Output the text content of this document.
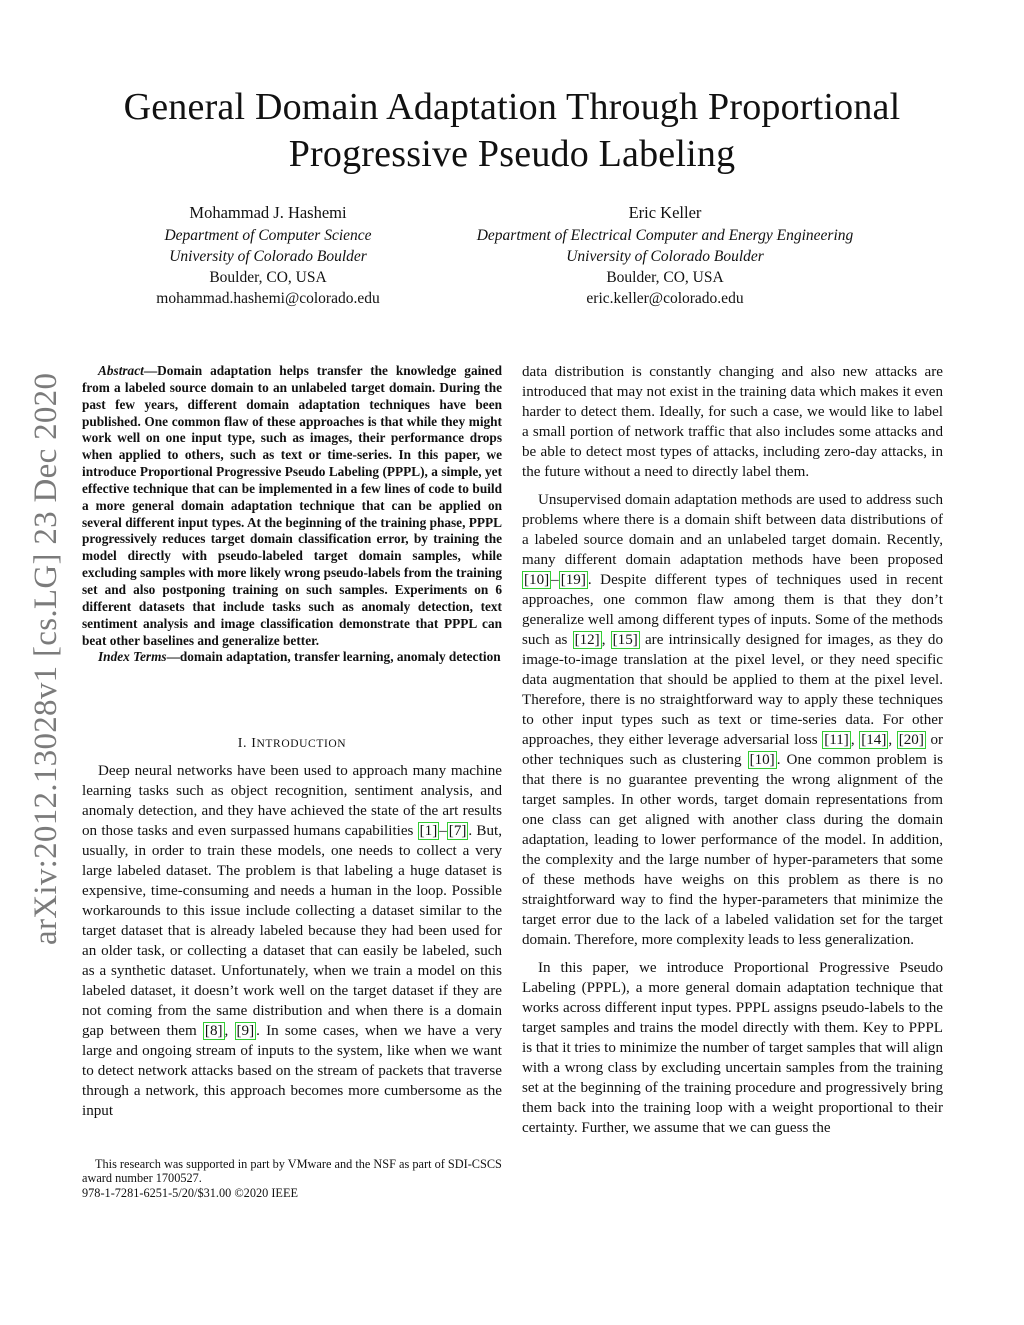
General Domain Adaptation Through Proportional
Progressive Pseudo Labeling
Mohammad J. Hashemi
Department of Computer Science
University of Colorado Boulder
Boulder, CO, USA
mohammad.hashemi@colorado.edu
Eric Keller
Department of Electrical Computer and Energy Engineering
University of Colorado Boulder
Boulder, CO, USA
eric.keller@colorado.edu
arXiv:2012.13028v1 [cs.LG] 23 Dec 2020

Abstract—Domain adaptation helps transfer the knowledge gained from a labeled source domain to an unlabeled target domain. During the past few years, different domain adaptation techniques have been published. One common flaw of these approaches is that while they might work well on one input type, such as images, their performance drops when applied to others, such as text or time-series. In this paper, we introduce Proportional Progressive Pseudo Labeling (PPPL), a simple, yet effective technique that can be implemented in a few lines of code to build a more general domain adaptation technique that can be applied on several different input types. At the beginning of the training phase, PPPL progressively reduces target domain classification error, by training the model directly with pseudo-labeled target domain samples, while excluding samples with more likely wrong pseudo-labels from the training set and also postponing training on such samples. Experiments on 6 different datasets that include tasks such as anomaly detection, text sentiment analysis and image classification demonstrate that PPPL can beat other baselines and generalize better.

Index Terms—domain adaptation, transfer learning, anomaly detection

I. INTRODUCTION

Deep neural networks have been used to approach many machine learning tasks such as object recognition, sentiment analysis, and anomaly detection, and they have achieved the state of the art results on those tasks and even surpassed humans capabilities [1] – [7] . But, usually, in order to train these models, one needs to collect a very large labeled dataset. The problem is that labeling a huge dataset is expensive, time-consuming and needs a human in the loop. Possible workarounds to this issue include collecting a dataset similar to the target dataset that is already labeled because they had been used for an older task, or collecting a dataset that can easily be labeled, such as a synthetic dataset. Unfortunately, when we train a model on this labeled dataset, it doesn’t work well on the target dataset if they are not coming from the same distribution and when there is a domain gap between them [8] , [9] . In some cases, when we have a very large and ongoing stream of inputs to the system, like when we want to detect network attacks based on the stream of packets that traverse through a network, this approach becomes more cumbersome as the input

This research was supported in part by VMware and the NSF as part of SDI-CSCS award number 1700527.

978-1-7281-6251-5/20/$31.00 ©2020 IEEE

data distribution is constantly changing and also new attacks are introduced that may not exist in the training data which makes it even harder to detect them. Ideally, for such a case, we would like to label a small portion of network traffic that also includes some attacks and be able to detect most types of attacks, including zero-day attacks, in the future without a need to directly label them.

Unsupervised domain adaptation methods are used to address such problems where there is a domain shift between data distributions of a labeled source domain and an unlabeled target domain. Recently, many different domain adaptation methods have been proposed [10] – [19] . Despite different types of techniques used in recent approaches, one common flaw among them is that they don’t generalize well among different types of inputs. Some of the methods such as [12] , [15] are intrinsically designed for images, as they do image-to-image translation at the pixel level, or they need specific data augmentation that should be applied to them at the pixel level. Therefore, there is no straightforward way to apply these techniques to other input types such as text or time-series data. For other approaches, they either leverage adversarial loss [11] , [14] , [20] or other techniques such as clustering [10] . One common problem is that there is no guarantee preventing the wrong alignment of the target samples. In other words, target domain representations from one class can get aligned with another class during the domain adaptation, leading to lower performance of the model. In addition, the complexity and the large number of hyper-parameters that some of these methods have weighs on this problem as there is no straightforward way to find the hyper-parameters that minimize the target error due to the lack of a labeled validation set for the target domain. Therefore, more complexity leads to less generalization.

In this paper, we introduce Proportional Progressive Pseudo Labeling (PPPL), a more general domain adaptation technique that works across different input types. PPPL assigns pseudo-labels to the target samples and trains the model directly with them. Key to PPPL is that it tries to minimize the number of target samples that will align with a wrong class by excluding uncertain samples from the training set at the beginning of the training procedure and progressively bring them back into the training loop with a weight proportional to their certainty. Further, we assume that we can guess the
